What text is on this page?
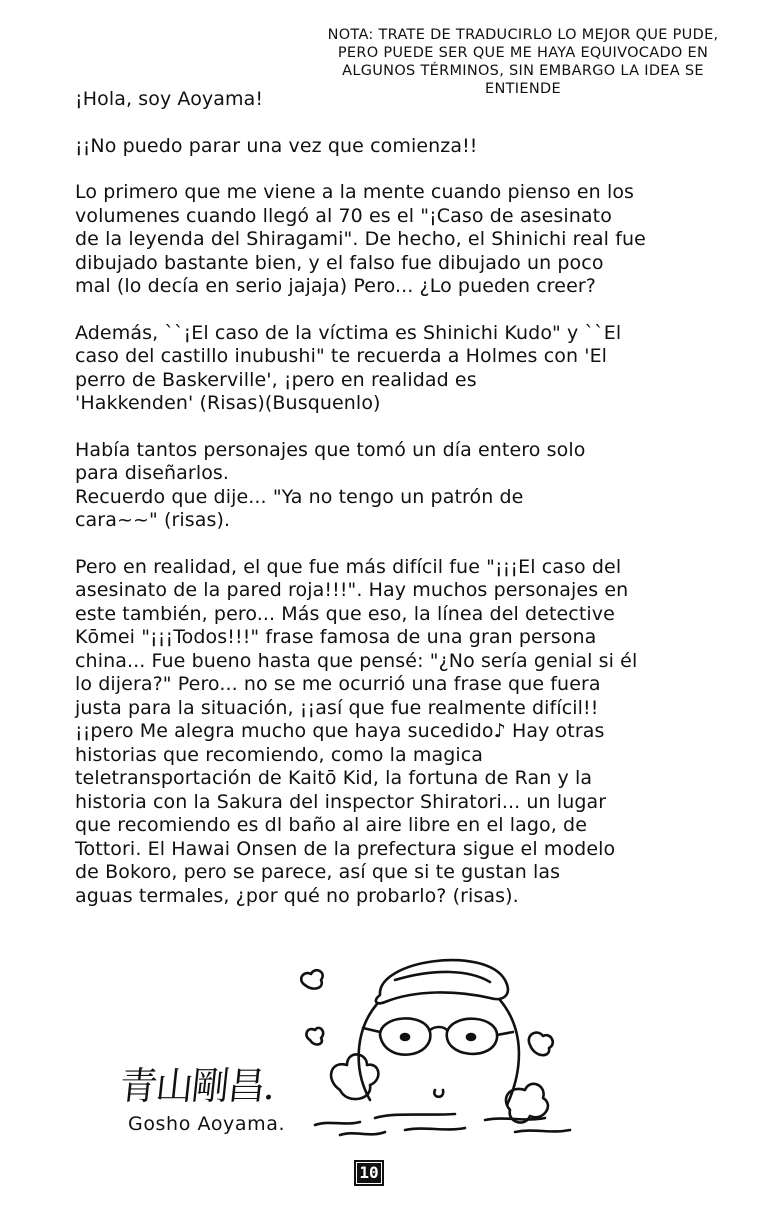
NOTA: TRATE DE TRADUCIRLO LO MEJOR QUE PUDE,
PERO PUEDE SER QUE ME HAYA EQUIVOCADO EN
ALGUNOS TÉRMINOS, SIN EMBARGO LA IDEA SE
ENTIENDE

¡Hola, soy Aoyama!

¡¡No puedo parar una vez que comienza!!

Lo primero que me viene a la mente cuando pienso en los
volumenes cuando llegó al 70 es el "¡Caso de asesinato
de la leyenda del Shiragami". De hecho, el Shinichi real fue
dibujado bastante bien, y el falso fue dibujado un poco
mal (lo decía en serio jajaja) Pero... ¿Lo pueden creer?

Además, ``¡El caso de la víctima es Shinichi Kudo" y ``El
caso del castillo inubushi" te recuerda a Holmes con 'El
perro de Baskerville', ¡pero en realidad es
'Hakkenden' (Risas)(Busquenlo)

Había tantos personajes que tomó un día entero solo
para diseñarlos.
Recuerdo que dije... "Ya no tengo un patrón de
cara~~" (risas).

Pero en realidad, el que fue más difícil fue "¡¡¡El caso del
asesinato de la pared roja!!!". Hay muchos personajes en
este también, pero... Más que eso, la línea del detective
Kōmei "¡¡¡Todos!!!" frase famosa de una gran persona
china... Fue bueno hasta que pensé: "¿No sería genial si él
lo dijera?" Pero... no se me ocurrió una frase que fuera
justa para la situación, ¡¡así que fue realmente difícil!!
¡¡pero Me alegra mucho que haya sucedido♪ Hay otras
historias que recomiendo, como la magica
teletransportación de Kaitō Kid, la fortuna de Ran y la
historia con la Sakura del inspector Shiratori... un lugar
que recomiendo es dl baño al aire libre en el lago, de
Tottori. El Hawai Onsen de la prefectura sigue el modelo
de Bokoro, pero se parece, así que si te gustan las
aguas termales, ¿por qué no probarlo? (risas).

青山剛昌.
Gosho Aoyama.
10
